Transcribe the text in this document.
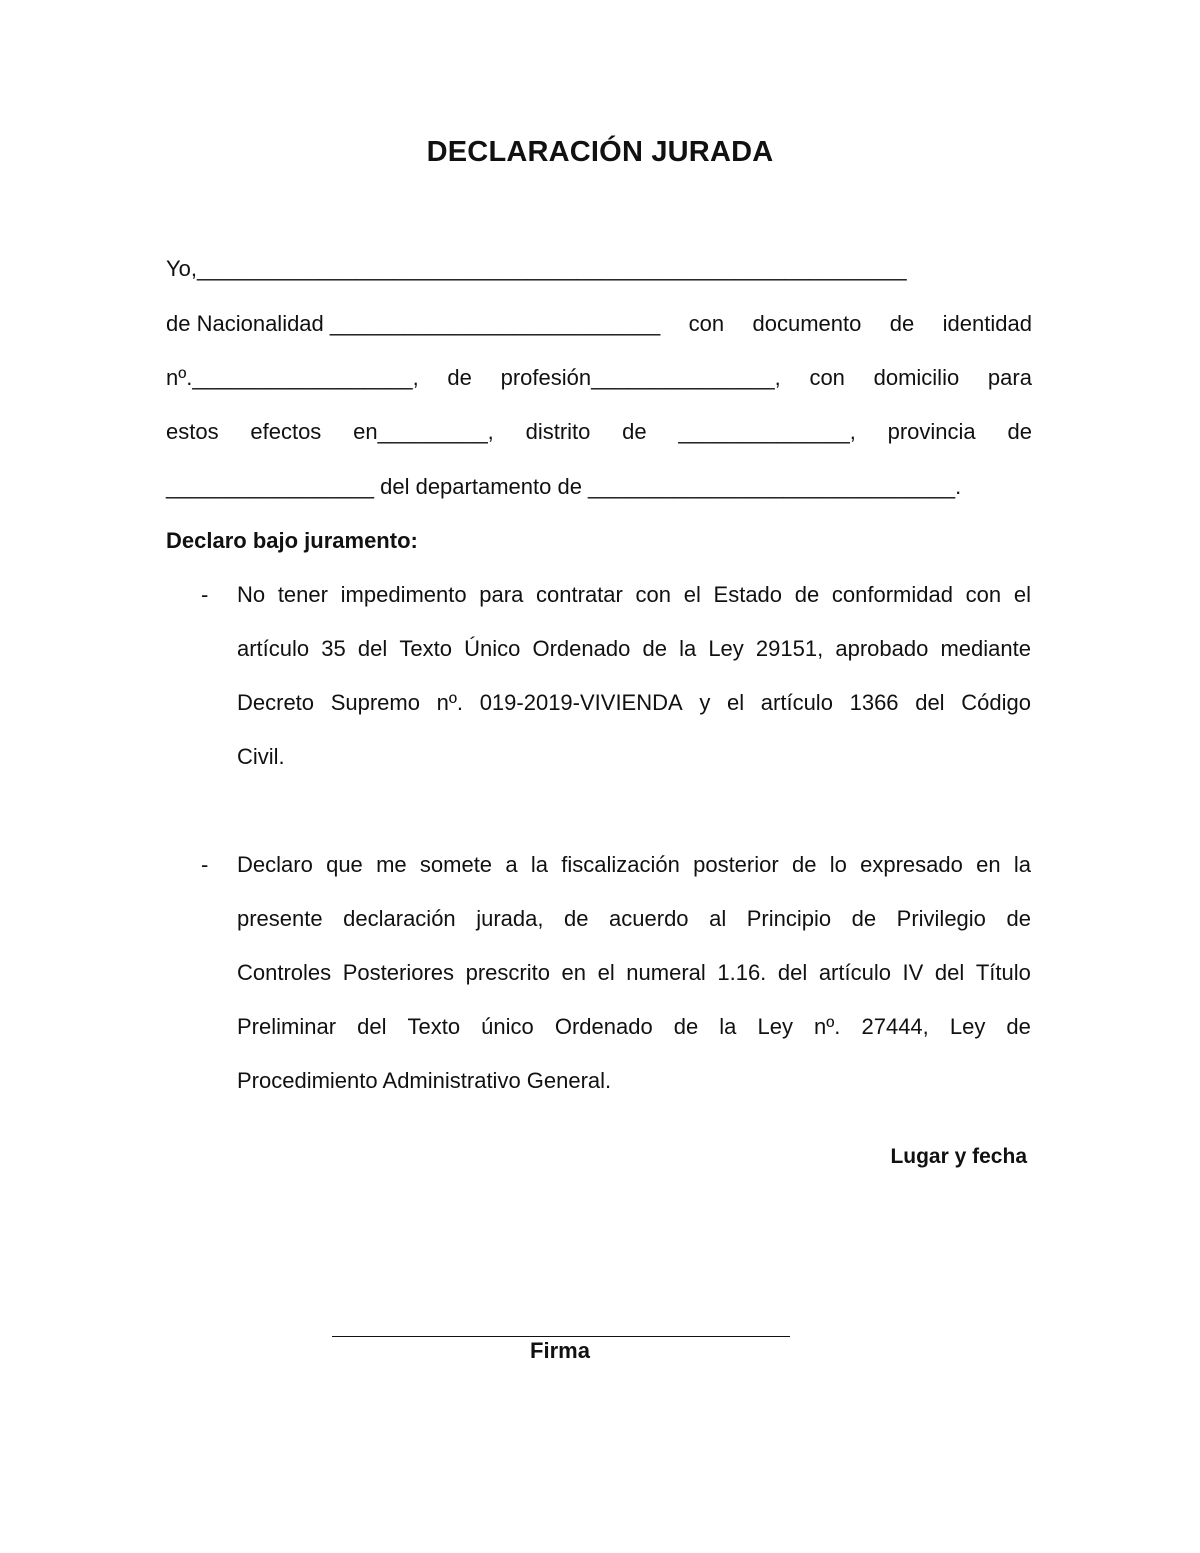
DECLARACIÓN JURADA
Yo,__________________________________________________________
de Nacionalidad ___________________________ con documento de identidad
nº.__________________, de profesión_______________, con domicilio para
estos efectos en_________, distrito de ______________, provincia de
_________________ del departamento de ______________________________.
Declaro bajo juramento:
- No tener impedimento para contratar con el Estado de conformidad con el
artículo 35 del Texto Único Ordenado de la Ley 29151, aprobado mediante
Decreto Supremo nº. 019-2019-VIVIENDA y el artículo 1366 del Código
Civil.
- Declaro que me somete a la fiscalización posterior de lo expresado en la
presente declaración jurada, de acuerdo al Principio de Privilegio de
Controles Posteriores prescrito en el numeral 1.16. del artículo IV del Título
Preliminar del Texto único Ordenado de la Ley nº. 27444, Ley de
Procedimiento Administrativo General.
Lugar y fecha
Firma
